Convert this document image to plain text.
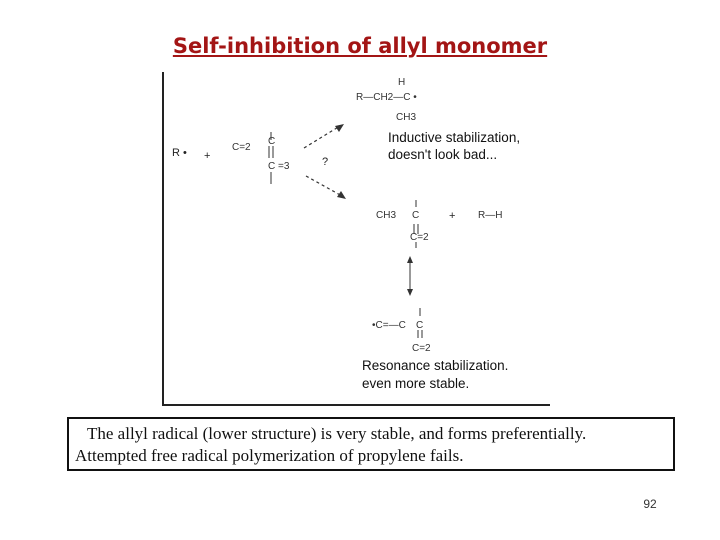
Self-inhibition of allyl monomer
R • +
C=2
C
C =3	?
H
R—CH2—C •
CH3
Inductive stabilization,
doesn't look bad...
CH3 C
C=2
+ R—H
•C=—C C
C=2
Resonance stabilization.
even more stable.
The allyl radical (lower structure) is very stable, and forms preferentially.
Attempted free radical polymerization of propylene fails.
92
